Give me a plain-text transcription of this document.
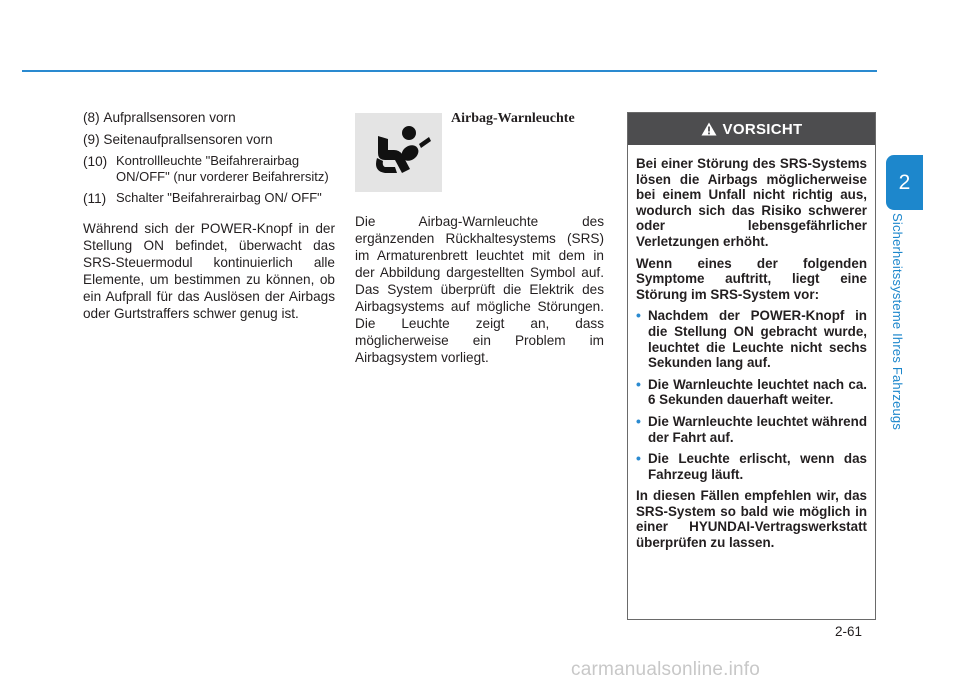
(8)
Aufprallsensoren vorn
(9)
Seitenaufprallsensoren vorn
(10) Kontrollleuchte "Beifahrerairbag ON/OFF" (nur vorderer Beifahrersitz)
(11) Schalter "Beifahrerairbag ON/ OFF"
Während sich der POWER-Knopf in der Stellung ON befindet, überwacht das SRS-Steuermodul kontinuierlich alle Elemente, um bestimmen zu können, ob ein Aufprall für das Auslösen der Airbags oder Gurtstraffers schwer genug ist.
Airbag-Warnleuchte
Die Airbag-Warnleuchte des ergänzenden Rückhaltesystems (SRS) im Armaturenbrett leuchtet mit dem in der Abbildung dargestellten Symbol auf. Das System überprüft die Elektrik des Airbagsystems auf mögliche Störungen. Die Leuchte zeigt an, dass möglicherweise ein Problem im Airbagsystem vorliegt.
VORSICHT

Bei einer Störung des SRS-Systems lösen die Airbags möglicherweise bei einem Unfall nicht richtig aus, wodurch sich das Risiko schwerer oder lebensgefährlicher Verletzungen erhöht.

Wenn eines der folgenden Symptome auftritt, liegt eine Störung im SRS-System vor:

• Nachdem der POWER-Knopf in die Stellung ON gebracht wurde, leuchtet die Leuchte nicht sechs Sekunden lang auf.
• Die Warnleuchte leuchtet nach ca. 6 Sekunden dauerhaft weiter.
• Die Warnleuchte leuchtet während der Fahrt auf.
• Die Leuchte erlischt, wenn das Fahrzeug läuft.

In diesen Fällen empfehlen wir, das SRS-System so bald wie möglich in einer HYUNDAI-Vertragswerkstatt überprüfen zu lassen.

2
Sicherheitssysteme Ihres Fahrzeugs
2-61
carmanualsonline.info
